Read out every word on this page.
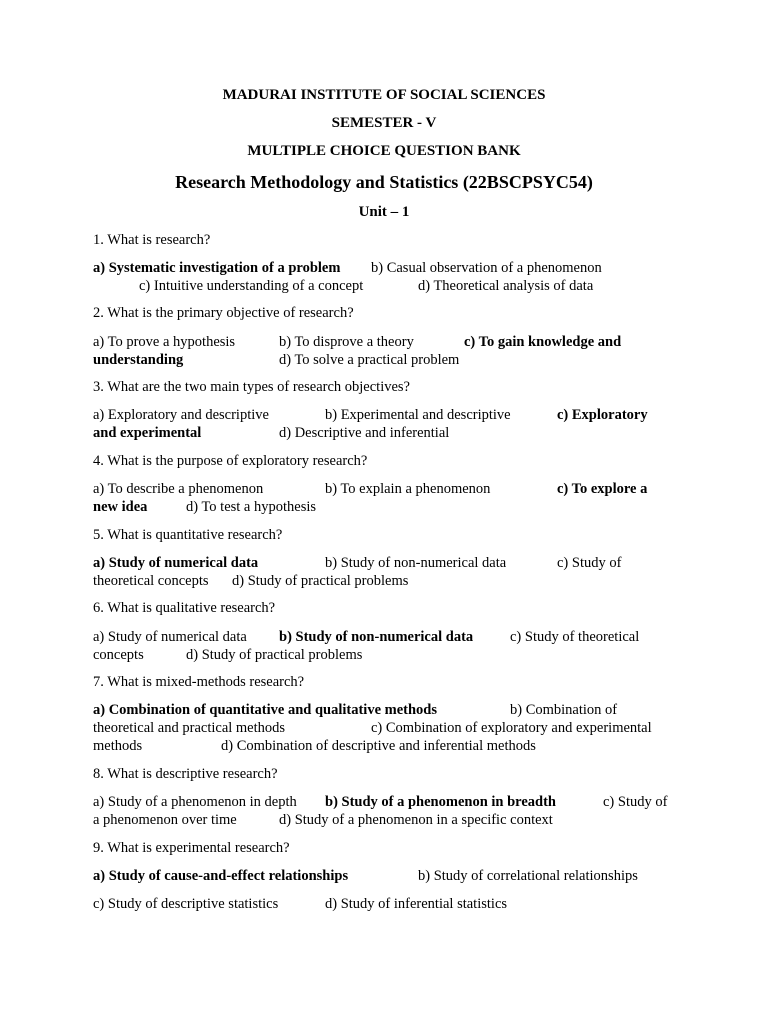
MADURAI INSTITUTE OF SOCIAL SCIENCES

SEMESTER - V

MULTIPLE CHOICE QUESTION BANK

Research Methodology and Statistics (22BSCPSYC54)

Unit – 1

1. What is research?

a) Systematic investigation of a problem b) Casual observation of a phenomenon
c) Intuitive understanding of a concept	d) Theoretical analysis of data

2. What is the primary objective of research?

a) To prove a hypothesis	b) To disprove a theory	c) To gain knowledge and
understanding	d) To solve a practical problem

3. What are the two main types of research objectives?

a) Exploratory and descriptive	b) Experimental and descriptive	c) Exploratory
and experimental	d) Descriptive and inferential

4. What is the purpose of exploratory research?

a) To describe a phenomenon	b) To explain a phenomenon	c) To explore a
new idea	d) To test a hypothesis

5. What is quantitative research?

a) Study of numerical data	b) Study of non-numerical data	c) Study of
theoretical concepts d) Study of practical problems

6. What is qualitative research?

a) Study of numerical data b) Study of non-numerical data	c) Study of theoretical
concepts	d) Study of practical problems

7. What is mixed-methods research?

a) Combination of quantitative and qualitative methods	b) Combination of
theoretical and practical methods	c) Combination of exploratory and experimental
methods	d) Combination of descriptive and inferential methods

8. What is descriptive research?

a) Study of a phenomenon in depth b) Study of a phenomenon in breadth	c) Study of
a phenomenon over time	d) Study of a phenomenon in a specific context

9. What is experimental research?

a) Study of cause-and-effect relationships	b) Study of correlational relationships
c) Study of descriptive statistics	d) Study of inferential statistics
